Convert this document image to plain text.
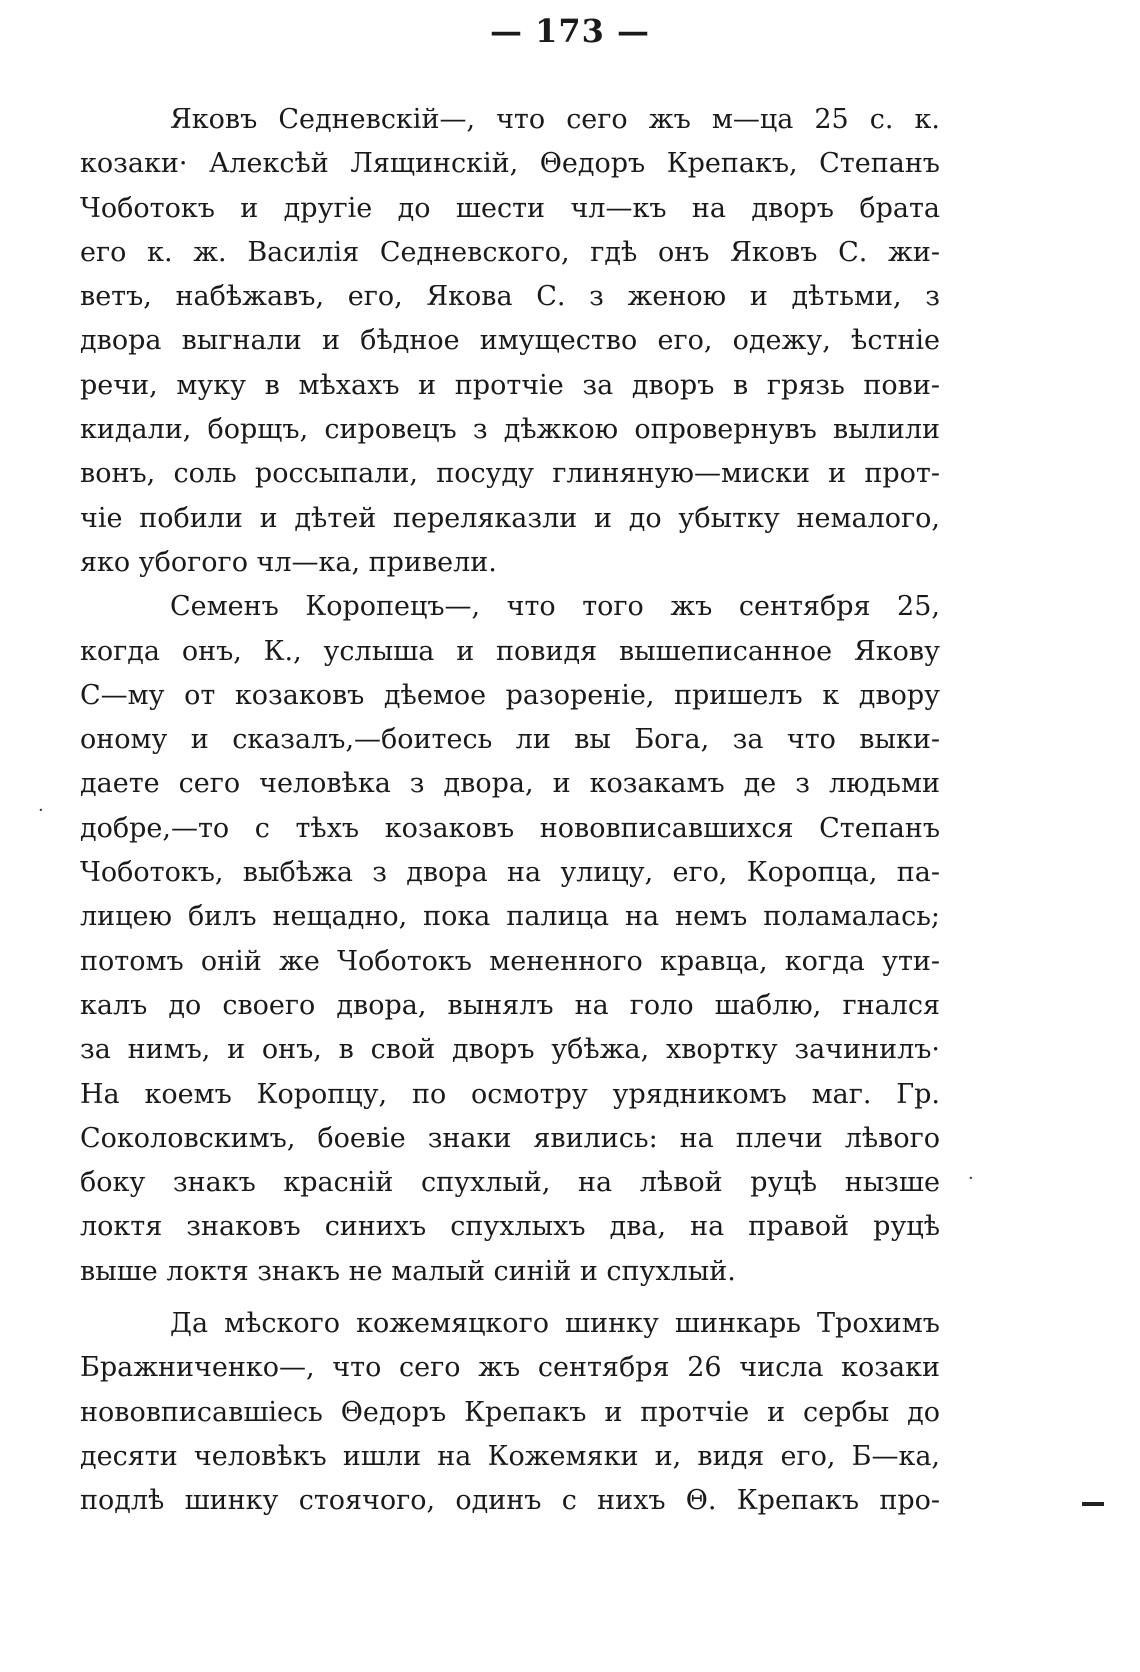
— 173 —

Яковъ Седневскій—, что сего жъ м—ца 25 с. к.
козаки· Алексѣй Лящинскій, Θедоръ Крепакъ, Степанъ
Чоботокъ и другіе до шести чл—къ на дворъ брата
его к. ж. Василія Седневского, гдѣ онъ Яковъ С. жи-
ветъ, набѣжавъ, его, Якова С. з женою и дѣтьми, з
двора выгнали и бѣдное имущество его, одежу, ѣстніе
речи, муку в мѣхахъ и протчіе за дворъ в грязь пови-
кидали, борщъ, сировецъ з дѣжкою опровернувъ вылили
вонъ, соль россыпали, посуду глиняную—миски и прот-
чіе побили и дѣтей переляказли и до убытку немалого,
яко убогого чл—ка, привели.

Семенъ Коропецъ—, что того жъ сентября 25,
когда онъ, К., услыша и повидя вышеписанное Якову
С—му от козаковъ дѣемое разореніе, пришелъ к двору
оному и сказалъ,—боитесь ли вы Бога, за что выки-
даете сего человѣка з двора, и козакамъ де з людьми
добре,—то с тѣхъ козаковъ нововписавшихся Степанъ
Чоботокъ, выбѣжа з двора на улицу, его, Коропца, па-
лицею билъ нещадно, пока палица на немъ поламалась;
потомъ оній же Чоботокъ мененного кравца, когда ути-
калъ до своего двора, вынялъ на голо шаблю, гнался
за нимъ, и онъ, в свой дворъ убѣжа, хвортку зачинилъ·
На коемъ Коропцу, по осмотру урядникомъ маг. Гр.
Соколовскимъ, боевіе знаки явились: на плечи лѣвого
боку знакъ красній спухлый, на лѣвой руцѣ нызше
локтя знаковъ синихъ спухлыхъ два, на правой руцѣ
выше локтя знакъ не малый синій и спухлый.

Да мѣского кожемяцкого шинку шинкарь Трохимъ
Бражниченко—, что сего жъ сентября 26 числа козаки
нововписавшіесь Θедоръ Крепакъ и протчіе и сербы до
десяти человѣкъ ишли на Кожемяки и, видя его, Б—ка,
подлѣ шинку стоячого, одинъ с нихъ Θ. Крепакъ про-

·
·
